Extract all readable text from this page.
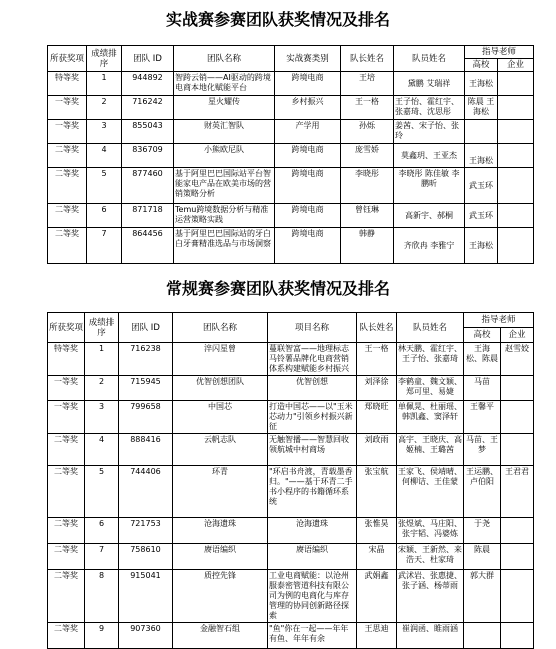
实战赛参赛团队获奖情况及排名
所获奖项	成绩排序	团队 ID	团队名称	实战赛类别	队长姓名	队员姓名	指导老师	
							高校	企业
特等奖	1	944892	智跨云销——AI驱动的跨境电商本地化赋能平台	跨境电商	王培	黛鹏 艾瑞祥	王海松	
一等奖	2	716242	星火耀传	乡村振兴	王一格	王子怡、霍红宇、张嘉琦、沈思彤	陈晨 王海松	
一等奖	3	855043	财英汇智队	产学用	孙烁	姜茜、宋子怡、张玲		
二等奖	4	836709	小熊欧尼队	跨境电商	庞雪娇	莫鑫玥、王亚杰	王海松	
二等奖	5	877460	基于阿里巴巴国际站平台智能家电产品在欧美市场的营销策略分析	跨境电商	李晓彤	李晓彤 陈佳敏 李鹏昕	武玉环	
二等奖	6	871718	Temu跨境数据分析与精准运营策略实践	跨境电商	曾钰琳	高新宇、郝桐	武玉环	
二等奖	7	864456	基于阿里巴巴国际站的牙白白牙膏精准选品与市场洞察	跨境电商	韩静	齐欣冉 李雅宁	王海松	
常规赛参赛团队获奖情况及排名
所获奖项	成绩排序	团队 ID	团队名称	项目名称	队长姓名	队员姓名	指导老师	
							高校	企业
特等奖	1	716238	淬闪星曾	蔓联智富——地理标志马铃薯品牌化电商营销体系构建赋能乡村振兴	王一格	林天鹏、霍红宇、王子怡、张嘉琦	王海 松、陈晨	赵雪姣
一等奖	2	715945	优智创想团队	优智创想	刘泽徐	李鹤童、魏文颖、郑可里、易婕	马苗	
一等奖	3	799658	中国芯	打造中国芯——以"玉米芯动力"引领乡村振兴新征	郑晓旺	单佩晃、杜丽瑶、韩凯鑫、窦泽轩	王馨平	
二等奖	4	888416	云帆志队	无触智播——智慧回收领航城中村商场	刘政雨	高宇、王晓庆、高姬楠、王璐茜	马苗、王梦	
二等奖	5	744406	环青	"环启书舟渡，青载墨香归。"——基于环青二手书小程序的书籍循环系统	张宝航	王家飞、侯靖晴、何柳诘、王佳蒙	王运鹏、卢伯阳	王君君
二等奖	6	721753	沧海遗珠	沧海遗珠	张惟昊	张煜斌、马庄阳、张宇韬、冯婆炼	于尧	
二等奖	7	758610	赓语编织	赓语编织	宋晶	宋颖、王新然、来浩天、杜家琦	陈晨	
二等奖	8	915041	质控先锋	工业电商赋能：以沧州服泰密管道科技有限公司为例的电商化与库存管理的协同创新路径探索	武娟鑫	武沭岩、张惠捷、张子涵、杨蒂雨	郭大群	
二等奖	9	907360	金融智石组	"鱼"你在一起——年年有鱼、年年有余	王思迪	崔润函、睢雨涵		
